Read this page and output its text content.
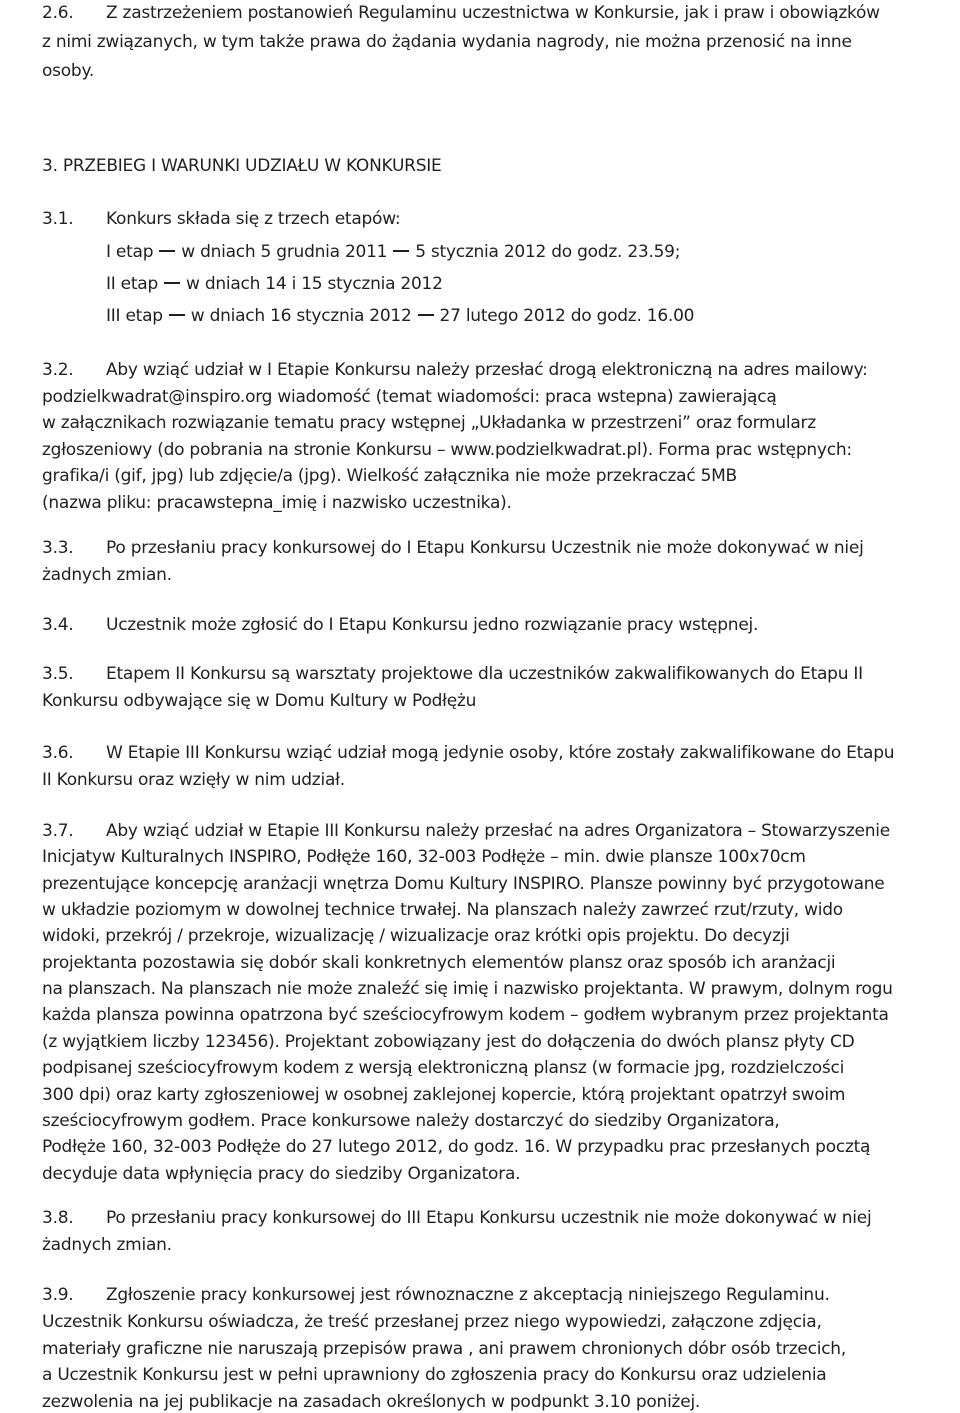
2.6. Z zastrzeżeniem postanowień Regulaminu uczestnictwa w Konkursie, jak i praw i obowiązków
z nimi związanych, w tym także prawa do żądania wydania nagrody, nie można przenosić na inne
osoby.
3. PRZEBIEG I WARUNKI UDZIAŁU W KONKURSIE
3.1. Konkurs składa się z trzech etapów:
I etap w dniach 5 grudnia 2011 5 stycznia 2012 do godz. 23.59;
II etap w dniach 14 i 15 stycznia 2012
III etap w dniach 16 stycznia 2012 27 lutego 2012 do godz. 16.00
3.2. Aby wziąć udział w I Etapie Konkursu należy przesłać drogą elektroniczną na adres mailowy:
podzielkwadrat@inspiro.org wiadomość (temat wiadomości: praca wstepna) zawierającą
w załącznikach rozwiązanie tematu pracy wstępnej „Układanka w przestrzeni” oraz formularz
zgłoszeniowy (do pobrania na stronie Konkursu – www.podzielkwadrat.pl). Forma prac wstępnych:
grafika/i (gif, jpg) lub zdjęcie/a (jpg). Wielkość załącznika nie może przekraczać 5MB
(nazwa pliku: pracawstepna_imię i nazwisko uczestnika).
3.3. Po przesłaniu pracy konkursowej do I Etapu Konkursu Uczestnik nie może dokonywać w niej
żadnych zmian.
3.4. Uczestnik może zgłosić do I Etapu Konkursu jedno rozwiązanie pracy wstępnej.
3.5. Etapem II Konkursu są warsztaty projektowe dla uczestników zakwalifikowanych do Etapu II
Konkursu odbywające się w Domu Kultury w Podłężu
3.6. W Etapie III Konkursu wziąć udział mogą jedynie osoby, które zostały zakwalifikowane do Etapu
II Konkursu oraz wzięły w nim udział.
3.7. Aby wziąć udział w Etapie III Konkursu należy przesłać na adres Organizatora – Stowarzyszenie
Inicjatyw Kulturalnych INSPIRO, Podłęże 160, 32-003 Podłęże – min. dwie plansze 100x70cm
prezentujące koncepcję aranżacji wnętrza Domu Kultury INSPIRO. Plansze powinny być przygotowane
w układzie poziomym w dowolnej technice trwałej. Na planszach należy zawrzeć rzut/rzuty, wido
widoki, przekrój / przekroje, wizualizację / wizualizacje oraz krótki opis projektu. Do decyzji
projektanta pozostawia się dobór skali konkretnych elementów plansz oraz sposób ich aranżacji
na planszach. Na planszach nie może znaleźć się imię i nazwisko projektanta. W prawym, dolnym rogu
każda plansza powinna opatrzona być sześciocyfrowym kodem – godłem wybranym przez projektanta
(z wyjątkiem liczby 123456). Projektant zobowiązany jest do dołączenia do dwóch plansz płyty CD
podpisanej sześciocyfrowym kodem z wersją elektroniczną plansz (w formacie jpg, rozdzielczości
300 dpi) oraz karty zgłoszeniowej w osobnej zaklejonej kopercie, którą projektant opatrzył swoim
sześciocyfrowym godłem. Prace konkursowe należy dostarczyć do siedziby Organizatora,
Podłęże 160, 32-003 Podłęże do 27 lutego 2012, do godz. 16. W przypadku prac przesłanych pocztą
decyduje data wpłynięcia pracy do siedziby Organizatora.
3.8. Po przesłaniu pracy konkursowej do III Etapu Konkursu uczestnik nie może dokonywać w niej
żadnych zmian.
3.9. Zgłoszenie pracy konkursowej jest równoznaczne z akceptacją niniejszego Regulaminu.
Uczestnik Konkursu oświadcza, że treść przesłanej przez niego wypowiedzi, załączone zdjęcia,
materiały graficzne nie naruszają przepisów prawa , ani prawem chronionych dóbr osób trzecich,
a Uczestnik Konkursu jest w pełni uprawniony do zgłoszenia pracy do Konkursu oraz udzielenia
zezwolenia na jej publikacje na zasadach określonych w podpunkt 3.10 poniżej.
